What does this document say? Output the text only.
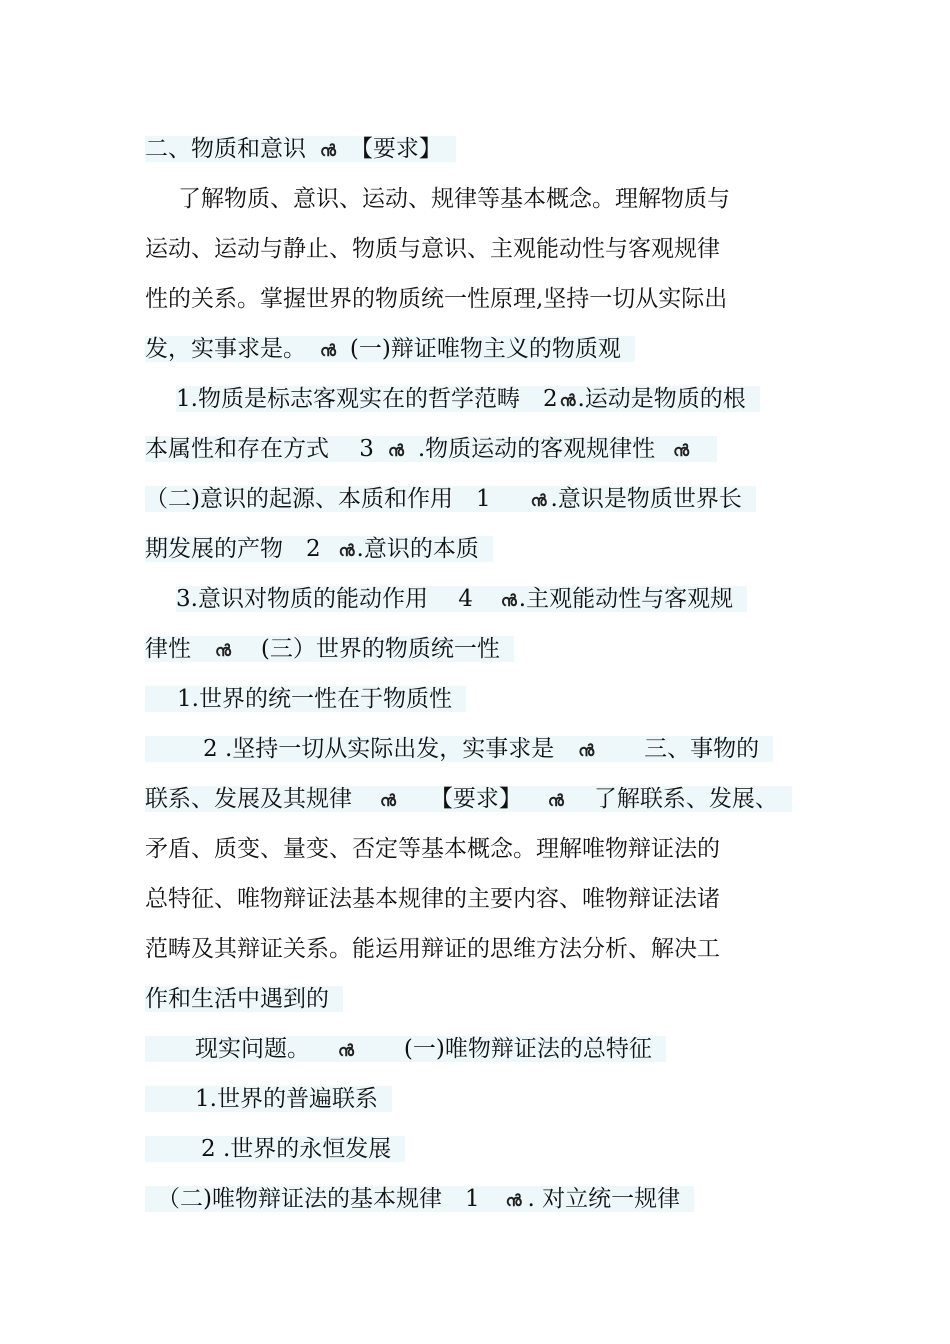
二、物质和意识 ൻ 【要求】
了解物质、意识、运动、规律等基本概念。理解物质与
运动、运动与静止、物质与意识、主观能动性与客观规律
性的关系。掌握世界的物质统一性原理,坚持一切从实际出
发，实事求是。 ൻ (一)辩证唯物主义的物质观
1.物质是标志客观实在的哲学范畴　2 ൻ.运动是物质的根
本属性和存在方式　 3 ൻ .物质运动的客观规律性 ൻ
（二)意识的起源、本质和作用　1	ൻ .意识是物质世界长
期发展的产物　2 ൻ.意识的本质
3.意识对物质的能动作用　 4 ൻ.主观能动性与客观规
律性 ൻ (三）世界的物质统一性
1.世界的统一性在于物质性
2 .坚持一切从实际出发，实事求是 ൻ 三、事物的
联系、发展及其规律 ൻ 【要求】 ൻ 了解联系、发展、
矛盾、质变、量变、否定等基本概念。理解唯物辩证法的
总特征、唯物辩证法基本规律的主要内容、唯物辩证法诸
范畴及其辩证关系。能运用辩证的思维方法分析、解决工
作和生活中遇到的
现实问题。 ൻ (一)唯物辩证法的总特征
1.世界的普遍联系
2 .世界的永恒发展
（二)唯物辩证法的基本规律　1 ൻ . 对立统一规律
